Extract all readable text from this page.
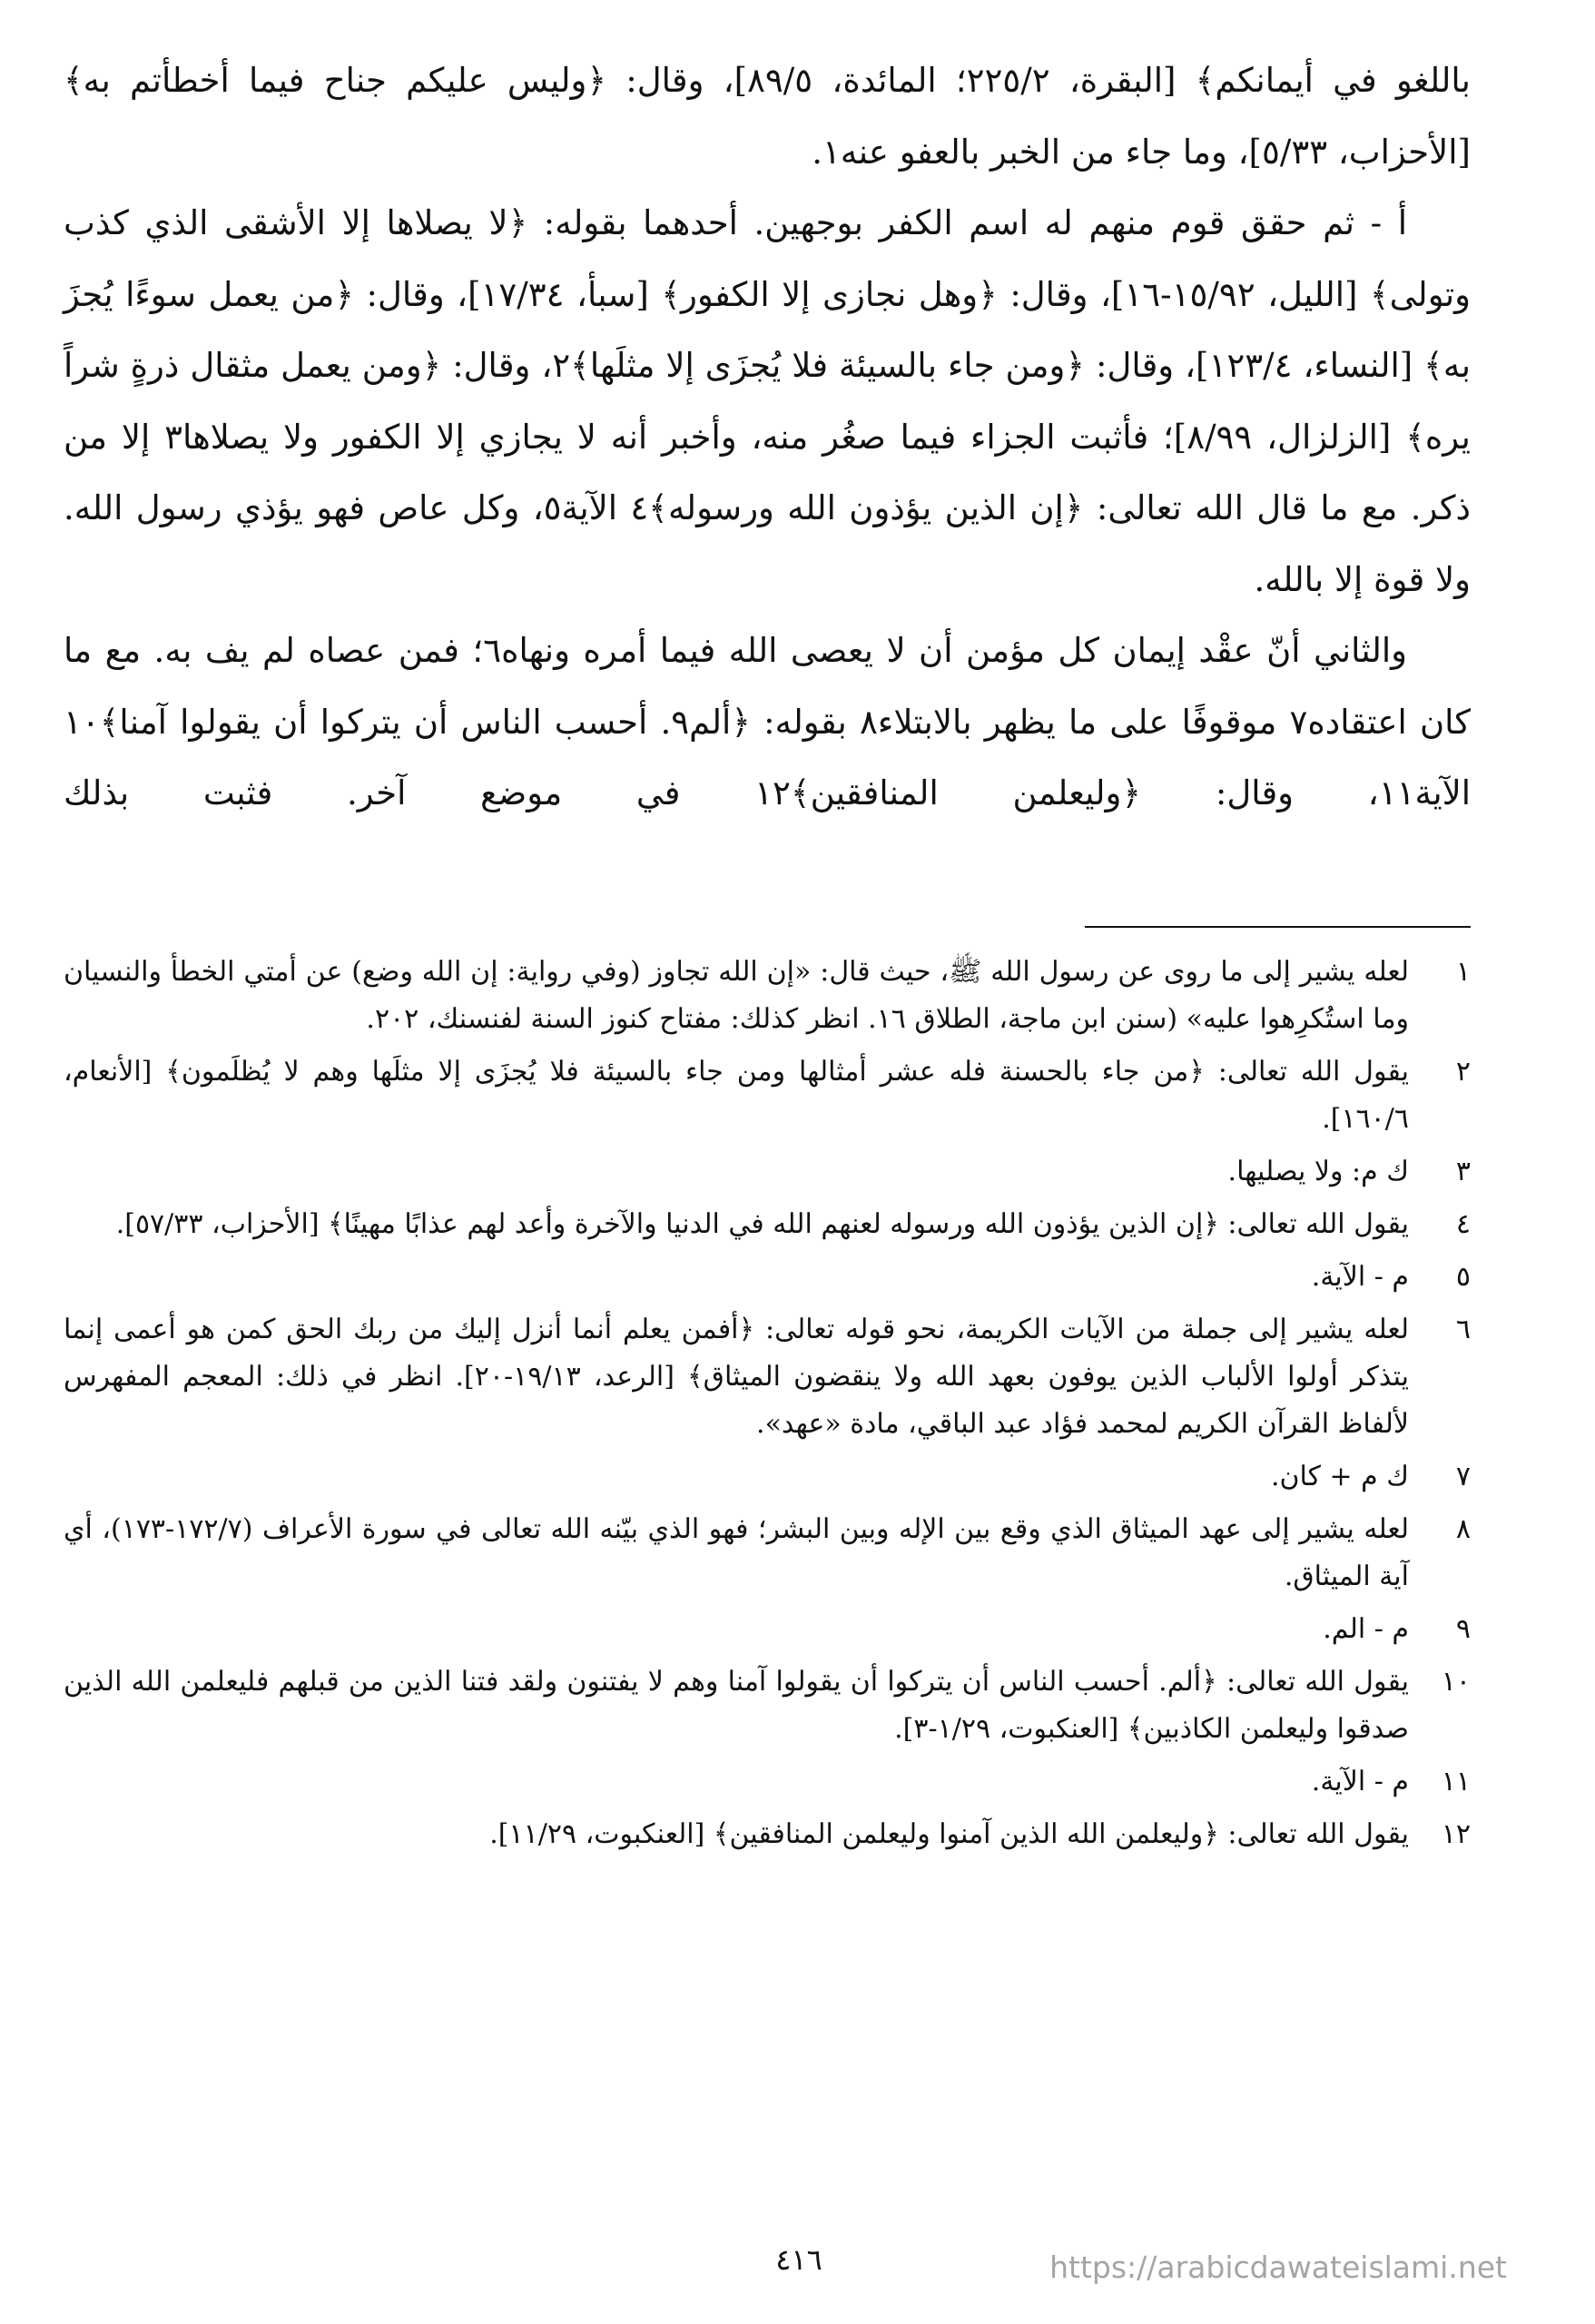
باللغو في أيمانكم﴾ [البقرة، ٢٢٥/٢؛ المائدة، ٨٩/٥]، وقال: ﴿وليس عليكم جناح فيما أخطأتم به﴾ [الأحزاب، ٥/٣٣]، وما جاء من الخبر بالعفو عنه١.

أ - ثم حقق قوم منهم له اسم الكفر بوجهين. أحدهما بقوله: ﴿لا يصلاها إلا الأشقى الذي كذب وتولى﴾ [الليل، ١٥/٩٢-١٦]، وقال: ﴿وهل نجازى إلا الكفور﴾ [سبأ، ١٧/٣٤]، وقال: ﴿من يعمل سوءًا يُجزَ به﴾ [النساء، ١٢٣/٤]، وقال: ﴿ومن جاء بالسيئة فلا يُجزَى إلا مثلَها﴾٢، وقال: ﴿ومن يعمل مثقال ذرةٍ شراً يره﴾ [الزلزال، ٨/٩٩]؛ فأثبت الجزاء فيما صغُر منه، وأخبر أنه لا يجازي إلا الكفور ولا يصلاها٣ إلا من ذكر. مع ما قال الله تعالى: ﴿إن الذين يؤذون الله ورسوله﴾٤ الآية٥، وكل عاص فهو يؤذي رسول الله. ولا قوة إلا بالله.

والثاني أنّ عقْد إيمان كل مؤمن أن لا يعصى الله فيما أمره ونهاه٦؛ فمن عصاه لم يف به. مع ما كان اعتقاده٧ موقوفًا على ما يظهر بالابتلاء٨ بقوله: ﴿ألم٩. أحسب الناس أن يتركوا أن يقولوا آمنا﴾١٠ الآية١١، وقال: ﴿وليعلمن المنافقين﴾١٢ في موضع آخر. فثبت بذلك

١
لعله يشير إلى ما روى عن رسول الله ﷺ، حيث قال: «إن الله تجاوز (وفي رواية: إن الله وضع) عن أمتي الخطأ والنسيان وما استُكرِهوا عليه» (سنن ابن ماجة، الطلاق ١٦. انظر كذلك: مفتاح كنوز السنة لفنسنك، ٢٠٢.
٢
يقول الله تعالى: ﴿من جاء بالحسنة فله عشر أمثالها ومن جاء بالسيئة فلا يُجزَى إلا مثلَها وهم لا يُظلَمون﴾ [الأنعام، ١٦٠/٦].
٣
ك م: ولا يصليها.
٤
يقول الله تعالى: ﴿إن الذين يؤذون الله ورسوله لعنهم الله في الدنيا والآخرة وأعد لهم عذابًا مهينًا﴾ [الأحزاب، ٥٧/٣٣].
٥
م - الآية.
٦
لعله يشير إلى جملة من الآيات الكريمة، نحو قوله تعالى: ﴿أفمن يعلم أنما أنزل إليك من ربك الحق كمن هو أعمى إنما يتذكر أولوا الألباب الذين يوفون بعهد الله ولا ينقضون الميثاق﴾ [الرعد، ١٩/١٣-٢٠]. انظر في ذلك: المعجم المفهرس لألفاظ القرآن الكريم لمحمد فؤاد عبد الباقي، مادة «عهد».
٧
ك م + كان.
٨
لعله يشير إلى عهد الميثاق الذي وقع بين الإله وبين البشر؛ فهو الذي بيّنه الله تعالى في سورة الأعراف (١٧٢/٧-١٧٣)، أي آية الميثاق.
٩
م - الم.
١٠
يقول الله تعالى: ﴿ألم. أحسب الناس أن يتركوا أن يقولوا آمنا وهم لا يفتنون ولقد فتنا الذين من قبلهم فليعلمن الله الذين صدقوا وليعلمن الكاذبين﴾ [العنكبوت، ١/٢٩-٣].
١١
م - الآية.
١٢
يقول الله تعالى: ﴿وليعلمن الله الذين آمنوا وليعلمن المنافقين﴾ [العنكبوت، ١١/٢٩].
٤١٦	https://arabicdawateislami.net
